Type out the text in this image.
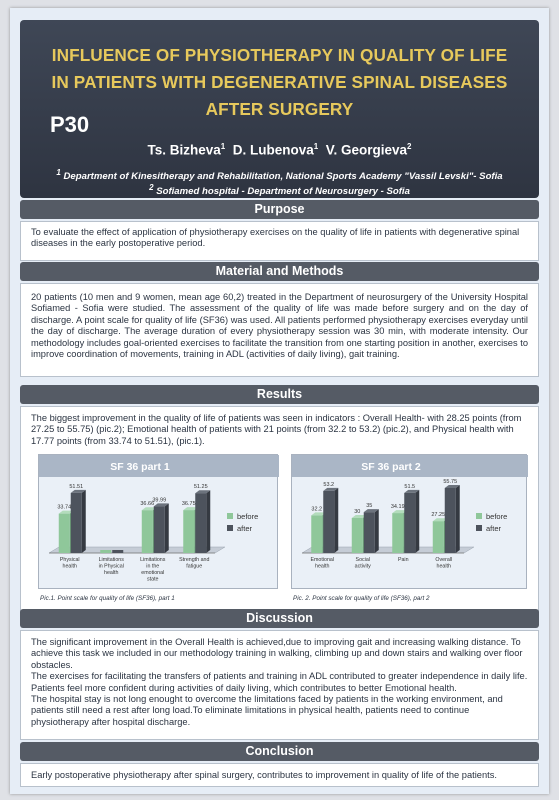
INFLUENCE OF PHYSIOTHERAPY IN QUALITY OF LIFE
IN PATIENTS WITH DEGENERATIVE SPINAL DISEASES
AFTER SURGERY
P30
Ts. Bizheva$^1$ D. Lubenova$^1$ V. Georgieva$^2$
$^1$ Department of Kinesitherapy and Rehabilitation, National Sports Academy "Vassil Levski"- Sofia
$^2$ Sofiamed hospital - Department of Neurosurgery - Sofia
Purpose

To evaluate the effect of application of physiotherapy exercises on the quality of life in patients with degenerative spinal diseases in the early postoperative period.

Material and Methods

20 patients (10 men and 9 women, mean age 60,2) treated in the Department of neurosurgery of the University Hospital Sofiamed - Sofia were studied. The assessment of the quality of life was made before surgery and on the day of discharge. A point scale for quality of life (SF36) was used. All patients performed physiotherapy exercises everyday until the day of discharge. The average duration of every physiotherapy session was 30 min, with moderate intensity. Our methodology includes goal-oriented exercises to facilitate the transition from one starting position in another, exercises to improve coordination of movements, training in ADL (activities of daily living), gait training.

Results

The biggest improvement in the quality of life of patients was seen in indicators : Overall Health- with 28.25 points (from 27.25 to 55.75) (pic.2); Emotional health of patients with 21 points (from 32.2 to 53.2) (pic.2), and Physical health with 17.77 points (from 33.74 to 51.51), (pic.1).

SF 36 part 1
33.74
51.51
Physical
health
Limitations
in Physical
health
36.66
39.99
Limitations
in the
emotional
state
36.75
51.25
Strength and
fatigue
before
after
Pic.1. Point scale for quality of life (SF36), part 1
SF 36 part 2
32.2
53.2
Emotional
health
30
35
Social
activity
34.19
51.5
Pain
27.25
55.75
Overall
health
before
after
Pic. 2. Point scale for quality of life (SF36), part 2
Discussion

The significant improvement in the Overall Health is achieved,due to improving gait and increasing walking distance. To achieve this task we included in our methodology training in walking, climbing up and down stairs and walking over floor obstacles.

The exercises for facilitating the transfers of patients and training in ADL contributed to greater independence in daily life. Patients feel more confident during activities of daily living, which contributes to better Emotional health.

The hospital stay is not long enought to overcome the limitations faced by patients in the working environment, and patients still need a rest after long load.To eliminate limitations in physical health, patients need to continue physiotherapy after hospital discharge.

Conclusion

Early postoperative physiotherapy after spinal surgery, contributes to improvement in quality of life of the patients.
